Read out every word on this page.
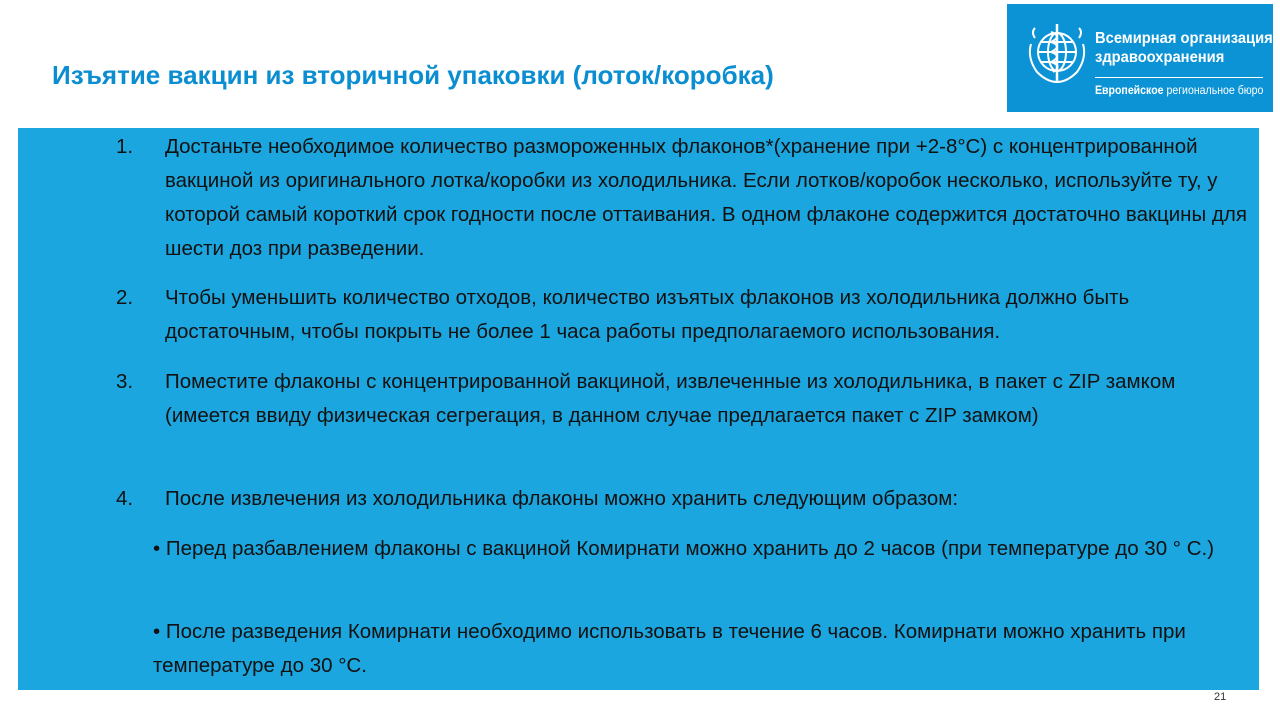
Изъятие вакцин из вторичной упаковки (лоток/коробка)
Всемирная организация
здравоохранения
Европейское региональное бюро
1. Достаньте необходимое количество размороженных флаконов*(хранение при +2-8°С) с концентрированной вакциной из оригинального лотка/коробки из холодильника. Если лотков/коробок несколько, используйте ту, у которой самый короткий срок годности после оттаивания. В одном флаконе содержится достаточно вакцины для шести доз при разведении.
2. Чтобы уменьшить количество отходов, количество изъятых флаконов из холодильника должно быть достаточным, чтобы покрыть не более 1 часа работы предполагаемого использования.
3. Поместите флаконы с концентрированной вакциной, извлеченные из холодильника, в пакет с ZIP замком (имеется ввиду физическая сегрегация, в данном случае предлагается пакет с ZIP замком)
4. После извлечения из холодильника флаконы можно хранить следующим образом:
• Перед разбавлением флаконы с вакциной Комирнати можно хранить до 2 часов (при температуре до 30 ° С.)
• После разведения Комирнати необходимо использовать в течение 6 часов. Комирнати можно хранить при температуре до 30 °С.
21
